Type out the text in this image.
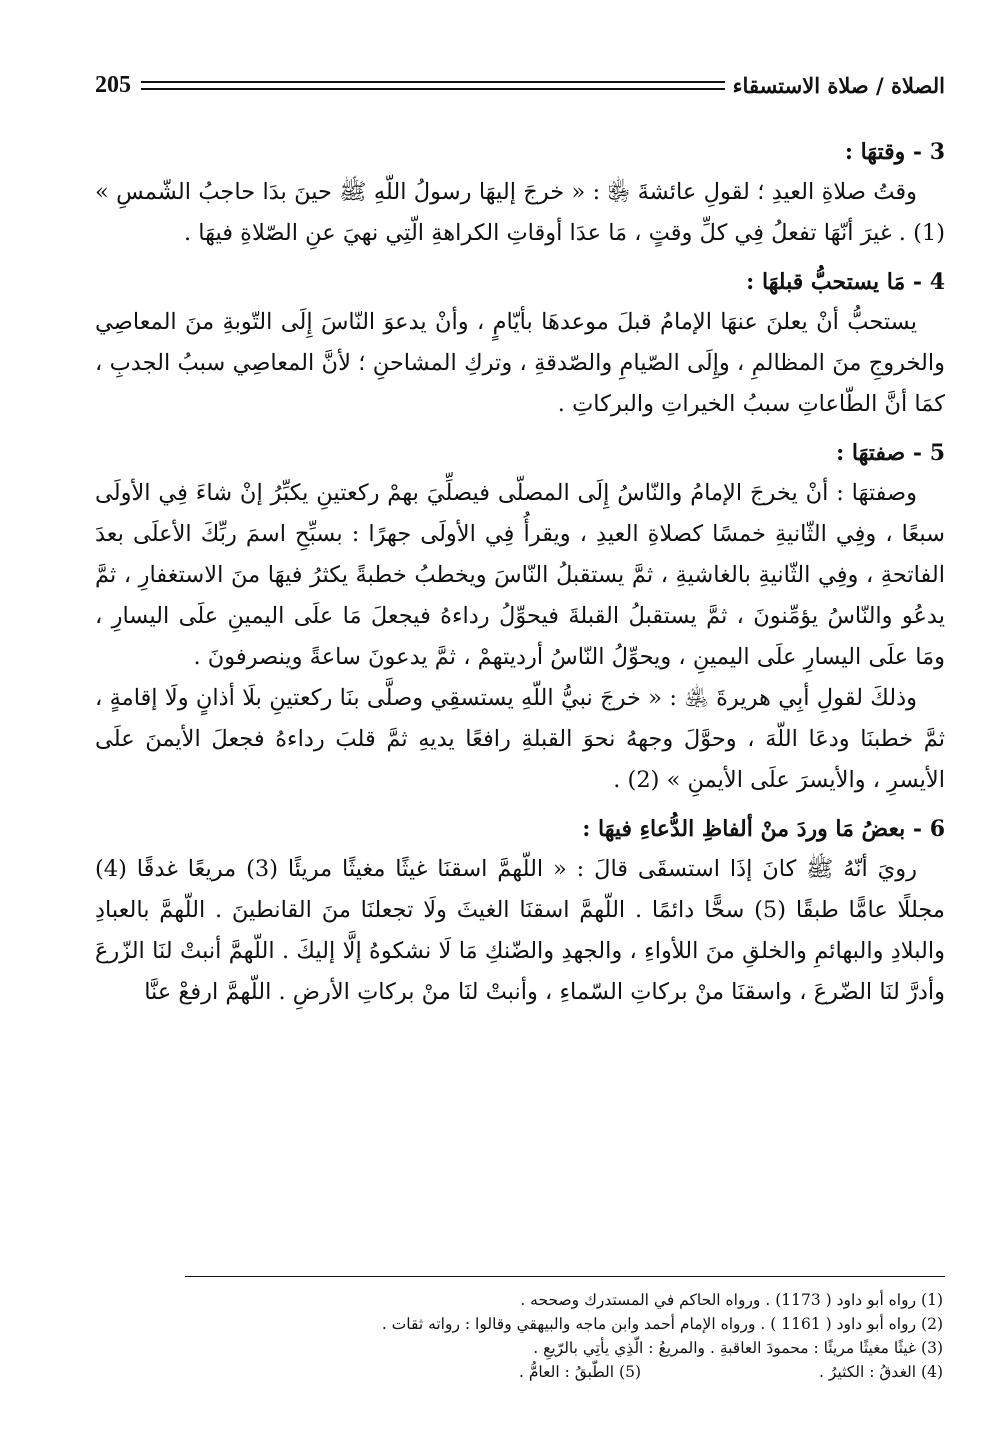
الصلاة / صلاة الاستسقاء
205

3 - وقتهَا :

وقتُ صلاةِ العيدِ ؛ لقولِ عائشةَ ﵂ : « خرجَ إليهَا رسولُ اللّهِ ﷺ حينَ بدَا حاجبُ الشّمسِ » (1) . غيرَ أنّهَا تفعلُ فِي كلِّ وقتٍ ، مَا عدَا أوقاتِ الكراهةِ الّتِي نهيَ عنِ الصّلاةِ فيهَا .

4 - مَا يستحبُّ قبلهَا :

يستحبُّ أنْ يعلنَ عنهَا الإمامُ قبلَ موعدهَا بأيّامٍ ، وأنْ يدعوَ النّاسَ إِلَى التّوبةِ منَ المعاصِي والخروجِ منَ المظالمِ ، وإِلَى الصّيامِ والصّدقةِ ، وتركِ المشاحنِ ؛ لأنَّ المعاصِي سببُ الجدبِ ، كمَا أنَّ الطّاعاتِ سببُ الخيراتِ والبركاتِ .

5 - صفتهَا :

وصفتهَا : أنْ يخرجَ الإمامُ والنّاسُ إِلَى المصلّى فيصلِّيَ بهمْ ركعتينِ يكبِّرُ إنْ شاءَ فِي الأولَى سبعًا ، وفِي الثّانيةِ خمسًا كصلاةِ العيدِ ، ويقرأُ فِي الأولَى جهرًا : بسبِّحِ اسمَ ربِّكَ الأعلَى بعدَ الفاتحةِ ، وفِي الثّانيةِ بالغاشيةِ ، ثمَّ يستقبلُ النّاسَ ويخطبُ خطبةً يكثرُ فيهَا منَ الاستغفارِ ، ثمَّ يدعُو والنّاسُ يؤمِّنونَ ، ثمَّ يستقبلُ القبلةَ فيحوِّلُ رداءهُ فيجعلَ مَا علَى اليمينِ علَى اليسارِ ، ومَا علَى اليسارِ علَى اليمينِ ، ويحوِّلُ النّاسُ أرديتهمْ ، ثمَّ يدعونَ ساعةً وينصرفونَ .

وذلكَ لقولِ أبِي هريرةَ ﵁ : « خرجَ نبيُّ اللّهِ يستسقِي وصلَّى بنَا ركعتينِ بلَا أذانٍ ولَا إقامةٍ ، ثمَّ خطبنَا ودعَا اللّهَ ، وحوَّلَ وجههُ نحوَ القبلةِ رافعًا يديهِ ثمَّ قلبَ رداءهُ فجعلَ الأيمنَ علَى الأيسرِ ، والأيسرَ علَى الأيمنِ » (2) .

6 - بعضُ مَا وردَ منْ ألفاظِ الدُّعاءِ فيهَا :

رويَ أنّهُ ﷺ كانَ إذَا استسقَى قالَ : « اللّهمَّ اسقنَا غيثًا مغيثًا مريئًا (3) مريعًا غدقًا (4) مجللًا عامًّا طبقًا (5) سحًّا دائمًا . اللّهمَّ اسقنَا الغيثَ ولَا تجعلنَا منَ القانطينَ . اللّهمَّ بالعبادِ والبلادِ والبهائمِ والخلقِ منَ اللأواءِ ، والجهدِ والضّنكِ مَا لَا نشكوهُ إلَّا إليكَ . اللّهمَّ أنبتْ لنَا الزّرعَ وأدرَّ لنَا الضّرعَ ، واسقنَا منْ بركاتِ السّماءِ ، وأنبتْ لنَا منْ بركاتِ الأرضِ . اللّهمَّ ارفعْ عنَّا

(1) رواه أبو داود ( 1173) . ورواه الحاكم في المستدرك وصححه .

(2) رواه أبو داود ( 1161 ) . ورواه الإمام أحمد وابن ماجه والبيهقي وقالوا : رواته ثقات .

(3) غيثًا مغيثًا مريئًا : محمودَ العاقبةِ . والمريعُ : الّذِي يأتِي بالرّيعِ .

(4) الغدقُ : الكثيرُ .

(5) الطّبقُ : العامُّ .
